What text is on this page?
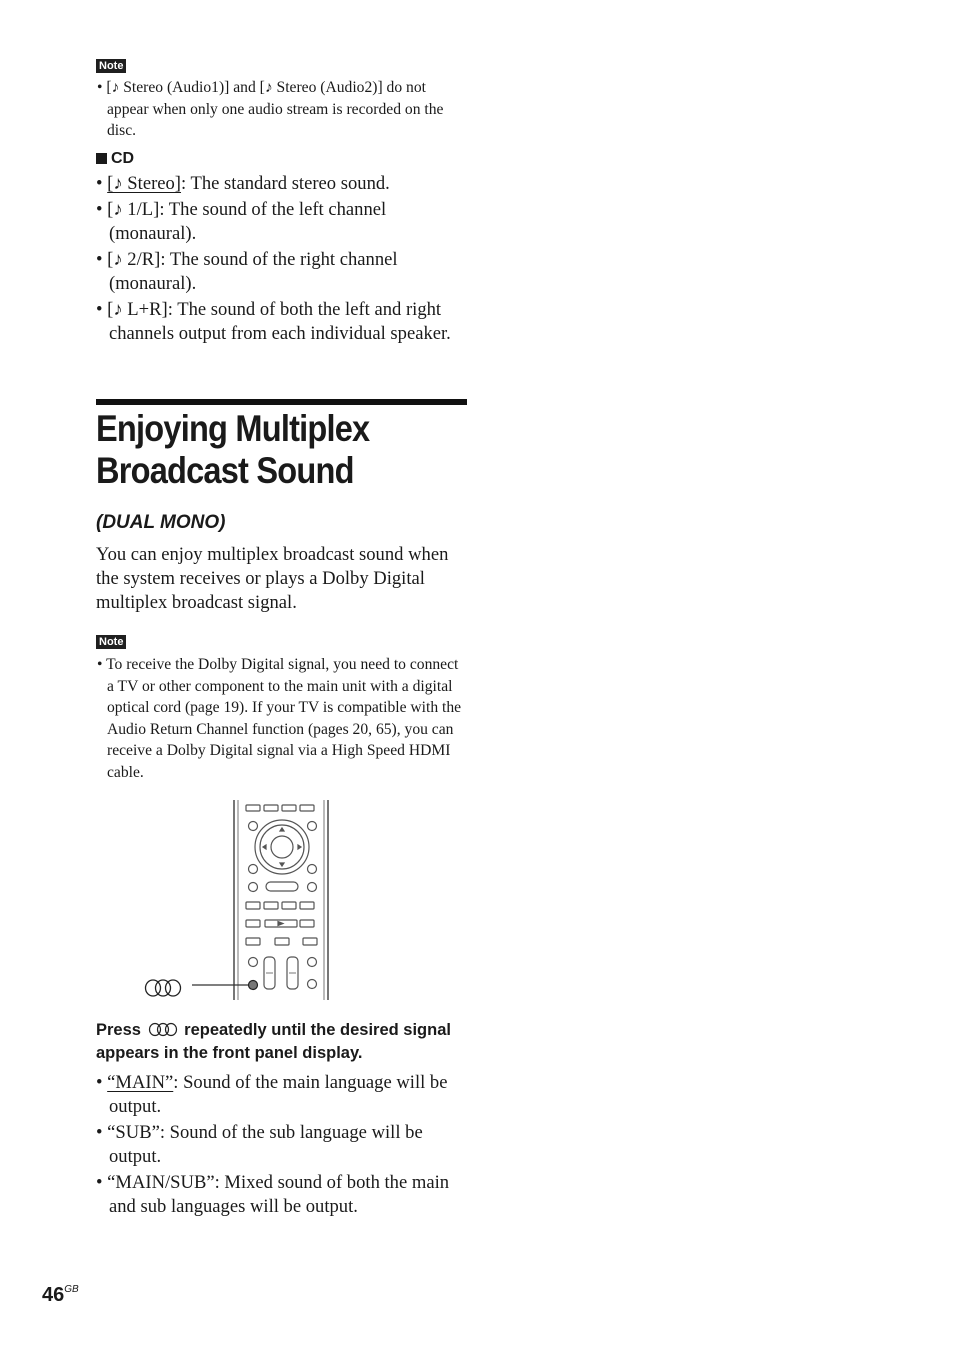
Note

• [♪ Stereo (Audio1)] and [♪ Stereo (Audio2)] do not appear when only one audio stream is recorded on the disc.

CD

• [♪ Stereo]: The standard stereo sound.

• [♪ 1/L]: The sound of the left channel (monaural).

• [♪ 2/R]: The sound of the right channel (monaural).

• [♪ L+R]: The sound of both the left and right channels output from each individual speaker.

Enjoying Multiplex
Broadcast Sound

(DUAL MONO)

You can enjoy multiplex broadcast sound when the system receives or plays a Dolby Digital multiplex broadcast signal.

Note

• To receive the Dolby Digital signal, you need to connect a TV or other component to the main unit with a digital optical cord (page 19). If your TV is compatible with the Audio Return Channel function (pages 20, 65), you can receive a Dolby Digital signal via a High Speed HDMI cable.

Press	repeatedly until the desired signal appears in the front panel display.

• “MAIN”: Sound of the main language will be output.

• “SUB”: Sound of the sub language will be output.

• “MAIN/SUB”: Mixed sound of both the main and sub languages will be output.

$46^{GB}$
